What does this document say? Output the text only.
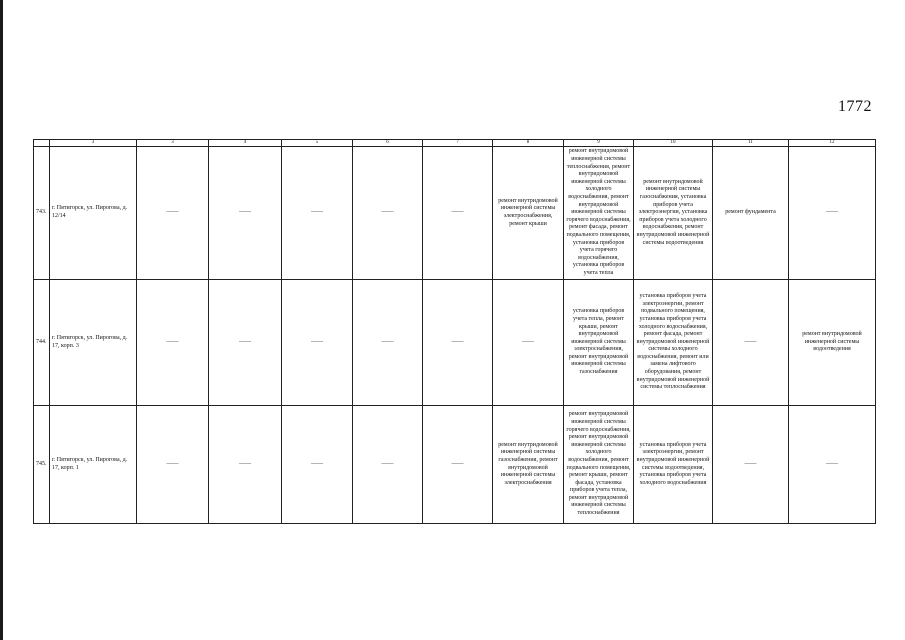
1772
	3	3	4	5	6	7	8	9	10	11	12
743.	г. Пятигорск, ул. Пирогова, д. 12/14	——	——	——	——	——	ремонт внутридомовой инженерной системы электроснабжения, ремонт крыши	ремонт внутридомовой инженерной системы теплоснабжения, ремонт внутридомовой инженерной системы холодного водоснабжения, ремонт внутридомовой инженерной системы горячего водоснабжения, ремонт фасада, ремонт подвального помещения, установка приборов учета горячего водоснабжения, установка приборов учета тепла	ремонт внутридомовой инженерной системы газоснабжения, установка приборов учета электроэнергии, установка приборов учета холодного водоснабжения, ремонт внутридомовой инженерной системы водоотведения	ремонт фундамента	——
744.	г. Пятигорск, ул. Пирогова, д. 17, корп. 3	——	——	——	——	——	——	установка приборов учета тепла, ремонт крыши, ремонт внутридомовой инженерной системы электроснабжения, ремонт внутридомовой инженерной системы газоснабжения	установка приборов учета электроэнергии, ремонт подвального помещения, установка приборов учета холодного водоснабжения, ремонт фасада, ремонт внутридомовой инженерной системы холодного водоснабжения, ремонт или замена лифтового оборудования, ремонт внутридомовой инженерной системы теплоснабжения	——	ремонт внутридомовой инженерной системы водоотведения
745.	г. Пятигорск, ул. Пирогова, д. 17, корп. 1	——	——	——	——	——	ремонт внутридомовой инженерной системы газоснабжения, ремонт внутридомовой инженерной системы электроснабжения	ремонт внутридомовой инженерной системы горячего водоснабжения, ремонт внутридомовой инженерной системы холодного водоснабжения, ремонт подвального помещения, ремонт крыши, ремонт фасада, установка приборов учета тепла, ремонт внутридомовой инженерной системы теплоснабжения	установка приборов учета электроэнергии, ремонт внутридомовой инженерной системы водоотведения, установка приборов учета холодного водоснабжения	——	——
